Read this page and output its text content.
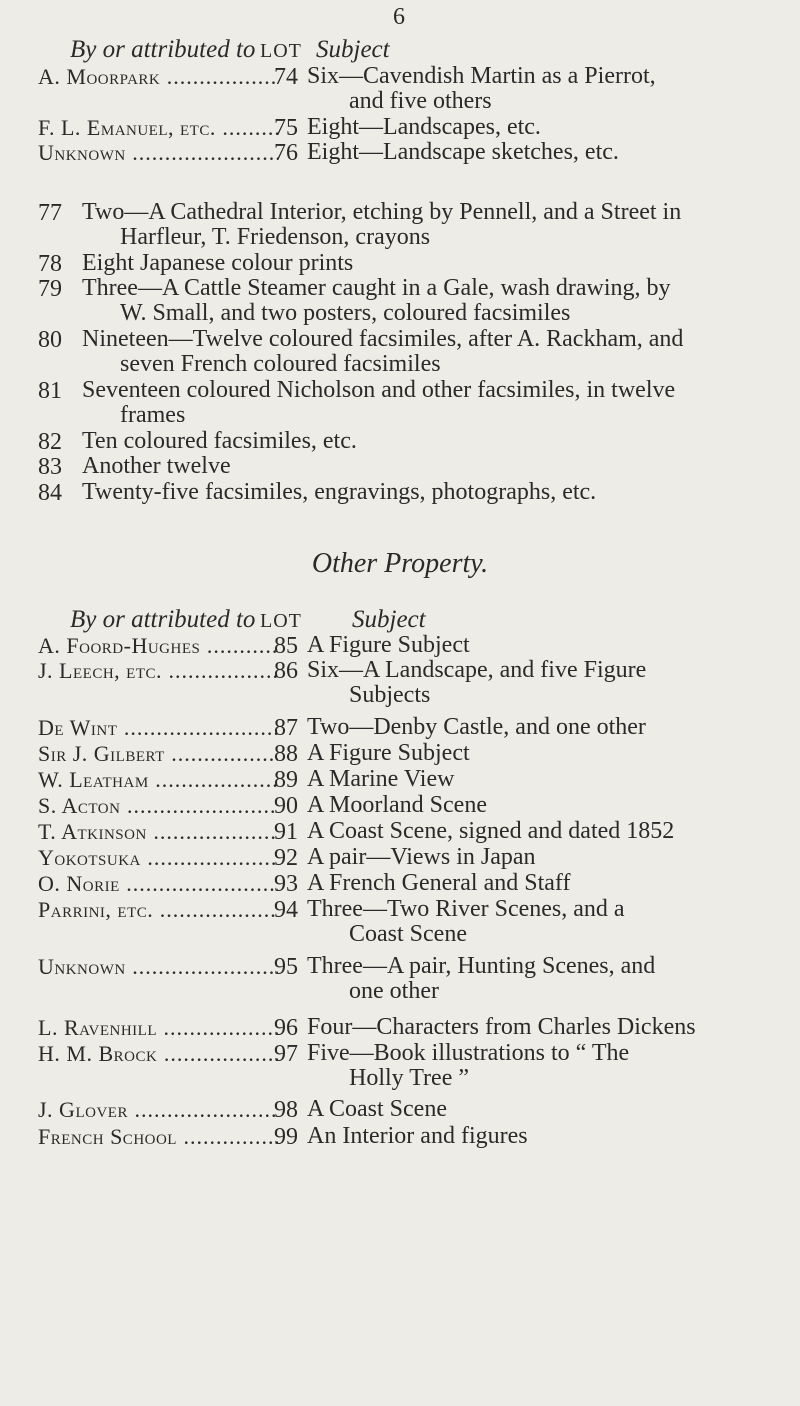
6
By or attributed to LOT Subject
A. Moorpark .....	74 Six—Cavendish Martin as a Pierrot,
and five others
F. L. Emanuel, etc. .....	75 Eight—Landscapes, etc.
Unknown .....	76 Eight—Landscape sketches, etc.
77 Two—A Cathedral Interior, etching by Pennell, and a Street in
Harfleur, T. Friedenson, crayons
78 Eight Japanese colour prints
79 Three—A Cattle Steamer caught in a Gale, wash drawing, by
W. Small, and two posters, coloured facsimiles
80 Nineteen—Twelve coloured facsimiles, after A. Rackham, and
seven French coloured facsimiles
81 Seventeen coloured Nicholson and other facsimiles, in twelve
frames
82 Ten coloured facsimiles, etc.
83 Another twelve
84 Twenty-five facsimiles, engravings, photographs, etc.
Other Property.
By or attributed to LOT Subject
A. Foord-Hughes .....	85 A Figure Subject
J. Leech, etc. .....	86 Six—A Landscape, and five Figure
Subjects
De Wint .....	87 Two—Denby Castle, and one other
Sir J. Gilbert .....	88 A Figure Subject
W. Leatham .....	89 A Marine View
S. Acton .....	90 A Moorland Scene
T. Atkinson .....	91 A Coast Scene, signed and dated 1852
Yokotsuka .....	92 A pair—Views in Japan
O. Norie .....	93 A French General and Staff
Parrini, etc. .....	94 Three—Two River Scenes, and a
Coast Scene
Unknown .....	95 Three—A pair, Hunting Scenes, and
one other
L. Ravenhill .....	96 Four—Characters from Charles Dickens
H. M. Brock .....	97 Five—Book illustrations to “ The
Holly Tree ”
J. Glover .....	98 A Coast Scene
French School .....	99 An Interior and figures
